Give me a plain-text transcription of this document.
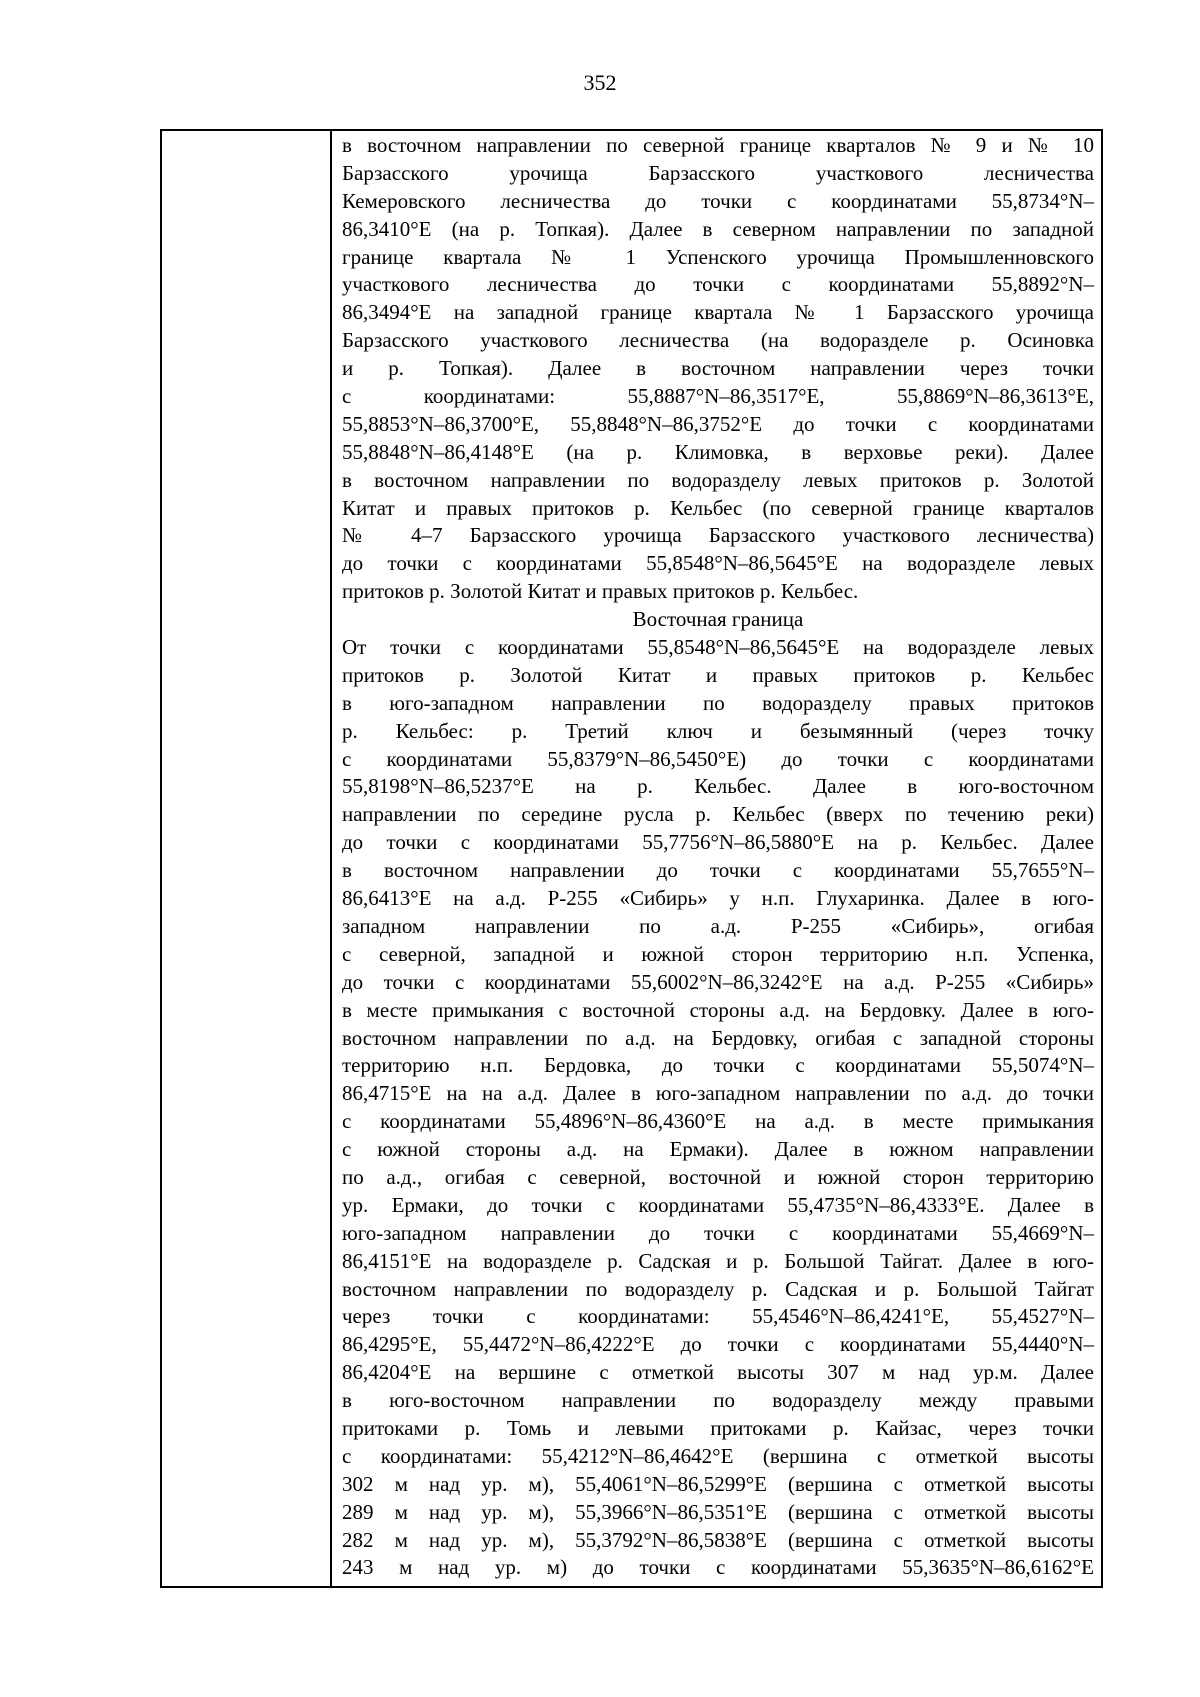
352
в восточном направлении по северной границе кварталов № 9 и № 10
Барзасского урочища Барзасского участкового лесничества
Кемеровского лесничества до точки с координатами 55,8734°N–
86,3410°E (на р. Топкая). Далее в северном направлении по западной
границе квартала № 1 Успенского урочища Промышленновского
участкового лесничества до точки с координатами 55,8892°N–
86,3494°E на западной границе квартала № 1 Барзасского урочища
Барзасского участкового лесничества (на водоразделе р. Осиновка
и р. Топкая). Далее в восточном направлении через точки
с координатами: 55,8887°N–86,3517°E, 55,8869°N–86,3613°E,
55,8853°N–86,3700°E, 55,8848°N–86,3752°E до точки с координатами
55,8848°N–86,4148°E (на р. Климовка, в верховье реки). Далее
в восточном направлении по водоразделу левых притоков р. Золотой
Китат и правых притоков р. Кельбес (по северной границе кварталов
№ 4–7 Барзасского урочища Барзасского участкового лесничества)
до точки с координатами 55,8548°N–86,5645°E на водоразделе левых
притоков р. Золотой Китат и правых притоков р. Кельбес.
Восточная граница
От точки с координатами 55,8548°N–86,5645°E на водоразделе левых
притоков р. Золотой Китат и правых притоков р. Кельбес
в юго-западном направлении по водоразделу правых притоков
р. Кельбес: р. Третий ключ и безымянный (через точку
с координатами 55,8379°N–86,5450°E) до точки с координатами
55,8198°N–86,5237°E на р. Кельбес. Далее в юго-восточном
направлении по середине русла р. Кельбес (вверх по течению реки)
до точки с координатами 55,7756°N–86,5880°E на р. Кельбес. Далее
в восточном направлении до точки с координатами 55,7655°N–
86,6413°E на а.д. Р-255 «Сибирь» у н.п. Глухаринка. Далее в юго-
западном направлении по а.д. Р-255 «Сибирь», огибая
с северной, западной и южной сторон территорию н.п. Успенка,
до точки с координатами 55,6002°N–86,3242°E на а.д. Р-255 «Сибирь»
в месте примыкания с восточной стороны а.д. на Бердовку. Далее в юго-
восточном направлении по а.д. на Бердовку, огибая с западной стороны
территорию н.п. Бердовка, до точки с координатами 55,5074°N–
86,4715°E на на а.д. Далее в юго-западном направлении по а.д. до точки
с координатами 55,4896°N–86,4360°E на а.д. в месте примыкания
с южной стороны а.д. на Ермаки). Далее в южном направлении
по а.д., огибая с северной, восточной и южной сторон территорию
ур. Ермаки, до точки с координатами 55,4735°N–86,4333°E. Далее в
юго-западном направлении до точки с координатами 55,4669°N–
86,4151°E на водоразделе р. Садская и р. Большой Тайгат. Далее в юго-
восточном направлении по водоразделу р. Садская и р. Большой Тайгат
через точки с координатами: 55,4546°N–86,4241°E, 55,4527°N–
86,4295°E, 55,4472°N–86,4222°E до точки с координатами 55,4440°N–
86,4204°E на вершине с отметкой высоты 307 м над ур.м. Далее
в юго-восточном направлении по водоразделу между правыми
притоками р. Томь и левыми притоками р. Кайзас, через точки
с координатами: 55,4212°N–86,4642°E (вершина с отметкой высоты
302 м над ур. м), 55,4061°N–86,5299°E (вершина с отметкой высоты
289 м над ур. м), 55,3966°N–86,5351°E (вершина с отметкой высоты
282 м над ур. м), 55,3792°N–86,5838°E (вершина с отметкой высоты
243 м над ур. м) до точки с координатами 55,3635°N–86,6162°E
